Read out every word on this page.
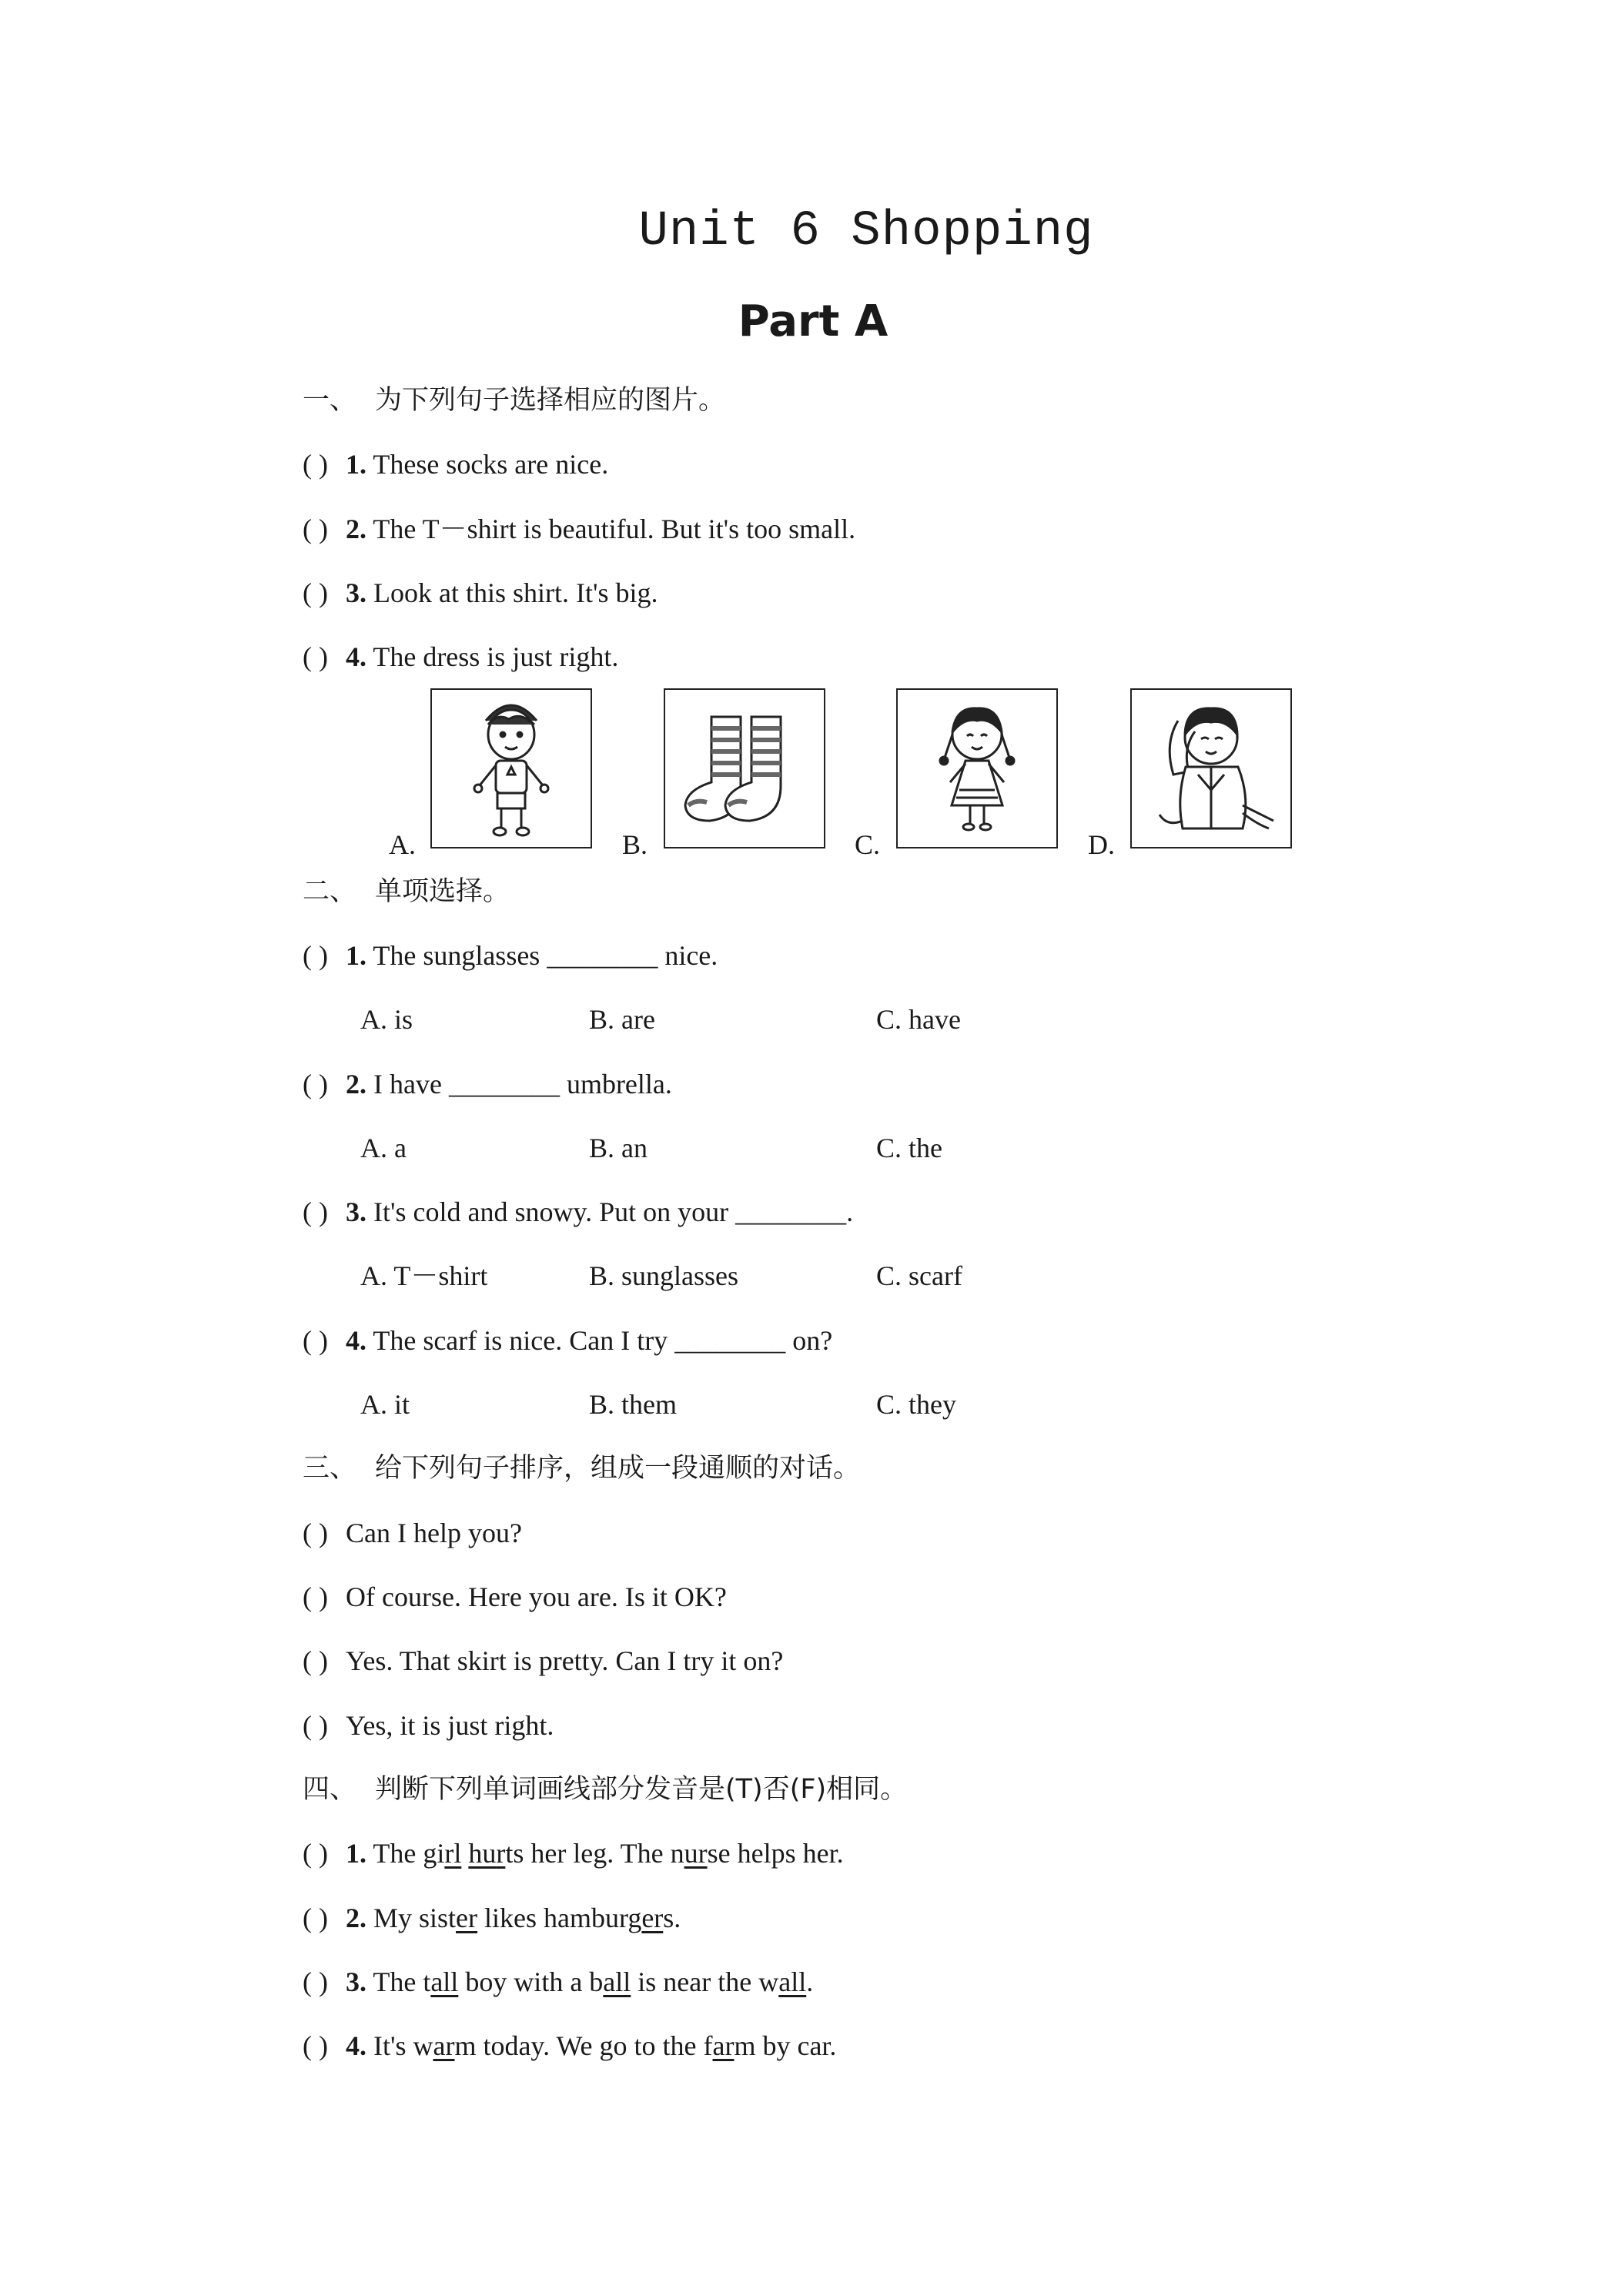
Unit 6 Shopping
Part A
一、 为下列句子选择相应的图片。
( ) 1. These socks are nice.
( ) 2. The T－shirt is beautiful. But it's too small.
( ) 3. Look at this shirt. It's big.
( ) 4. The dress is just right.
A.	B.	C.	D.
二、 单项选择。
( ) 1. The sunglasses ________ nice.
A. is	B. are	C. have
( ) 2. I have ________ umbrella.
A. a	B. an	C. the
( ) 3. It's cold and snowy. Put on your ________.
A. T－shirt	B. sunglasses	C. scarf
( ) 4. The scarf is nice. Can I try ________ on?
A. it	B. them	C. they
三、 给下列句子排序，组成一段通顺的对话。
( ) Can I help you?
( ) Of course. Here you are. Is it OK?
( ) Yes. That skirt is pretty. Can I try it on?
( ) Yes, it is just right.
四、 判断下列单词画线部分发音是(T)否(F)相同。
( ) 1. The girl hurts her leg. The nurse helps her.
( ) 2. My sister likes hamburgers.
( ) 3. The tall boy with a ball is near the wall.
( ) 4. It's warm today. We go to the farm by car.
